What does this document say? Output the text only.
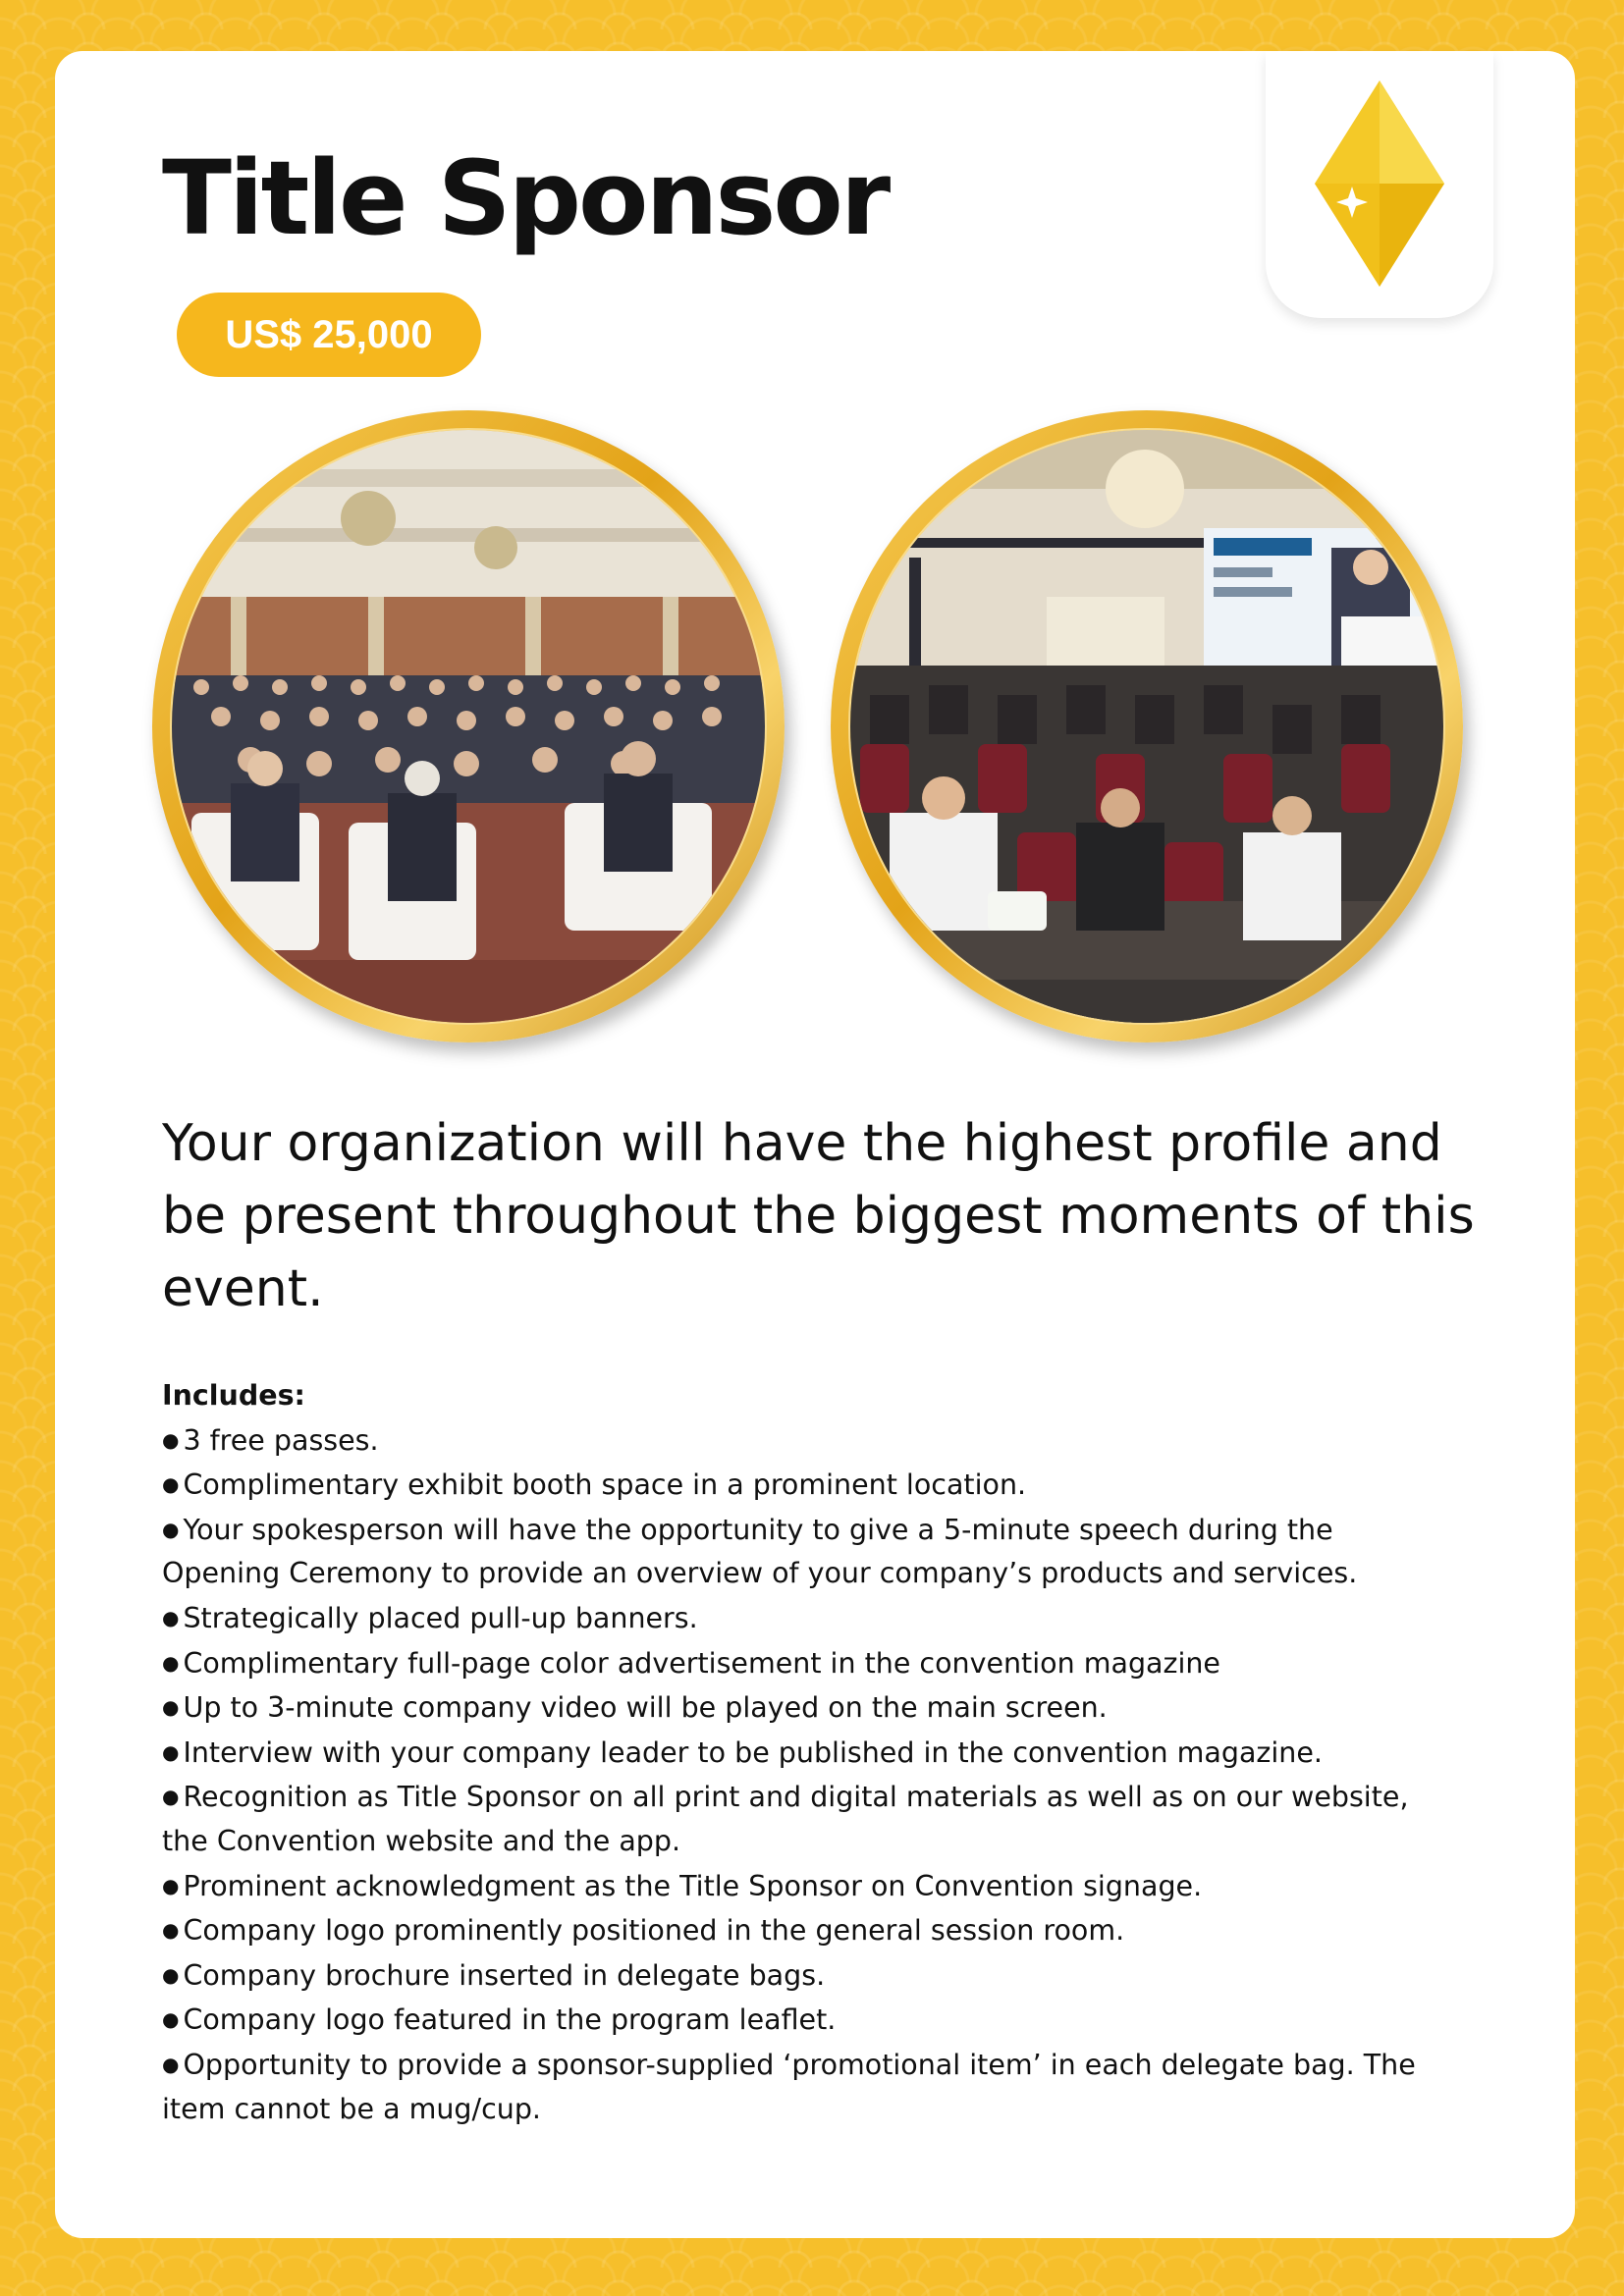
Title Sponsor
US$ 25,000

Your organization will have the highest profile and be present throughout the biggest moments of this event.

Includes:
● 3 free passes.
● Complimentary exhibit booth space in a prominent location.
● Your spokesperson will have the opportunity to give a 5-minute speech during the Opening Ceremony to provide an overview of your company’s products and services.
● Strategically placed pull-up banners.
● Complimentary full-page color advertisement in the convention magazine
● Up to 3-minute company video will be played on the main screen.
● Interview with your company leader to be published in the convention magazine.
● Recognition as Title Sponsor on all print and digital materials as well as on our website, the Convention website and the app.
● Prominent acknowledgment as the Title Sponsor on Convention signage.
● Company logo prominently positioned in the general session room.
● Company brochure inserted in delegate bags.
● Company logo featured in the program leaflet.
● Opportunity to provide a sponsor-supplied ‘promotional item’ in each delegate bag. The item cannot be a mug/cup.
